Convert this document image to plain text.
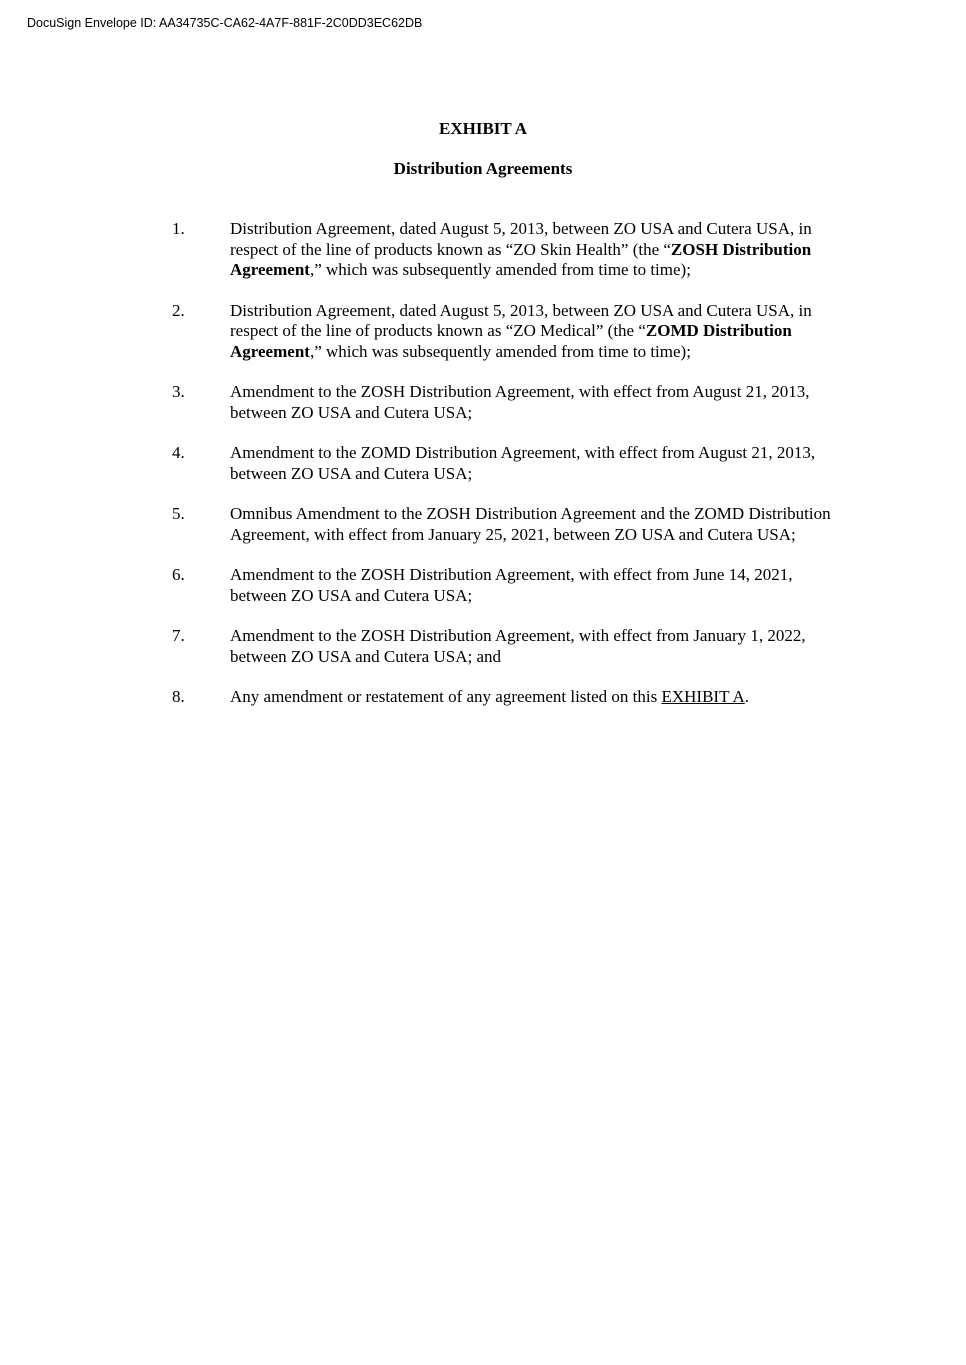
DocuSign Envelope ID: AA34735C-CA62-4A7F-881F-2C0DD3EC62DB
EXHIBIT A
Distribution Agreements
1.	Distribution Agreement, dated August 5, 2013, between ZO USA and Cutera USA, in respect of the line of products known as “ZO Skin Health” (the “ZOSH Distribution Agreement,” which was subsequently amended from time to time);
2.	Distribution Agreement, dated August 5, 2013, between ZO USA and Cutera USA, in respect of the line of products known as “ZO Medical” (the “ZOMD Distribution Agreement,” which was subsequently amended from time to time);
3.	Amendment to the ZOSH Distribution Agreement, with effect from August 21, 2013, between ZO USA and Cutera USA;
4.	Amendment to the ZOMD Distribution Agreement, with effect from August 21, 2013, between ZO USA and Cutera USA;
5.	Omnibus Amendment to the ZOSH Distribution Agreement and the ZOMD Distribution Agreement, with effect from January 25, 2021, between ZO USA and Cutera USA;
6.	Amendment to the ZOSH Distribution Agreement, with effect from June 14, 2021, between ZO USA and Cutera USA;
7.	Amendment to the ZOSH Distribution Agreement, with effect from January 1, 2022, between ZO USA and Cutera USA; and
8.	Any amendment or restatement of any agreement listed on this EXHIBIT A.
